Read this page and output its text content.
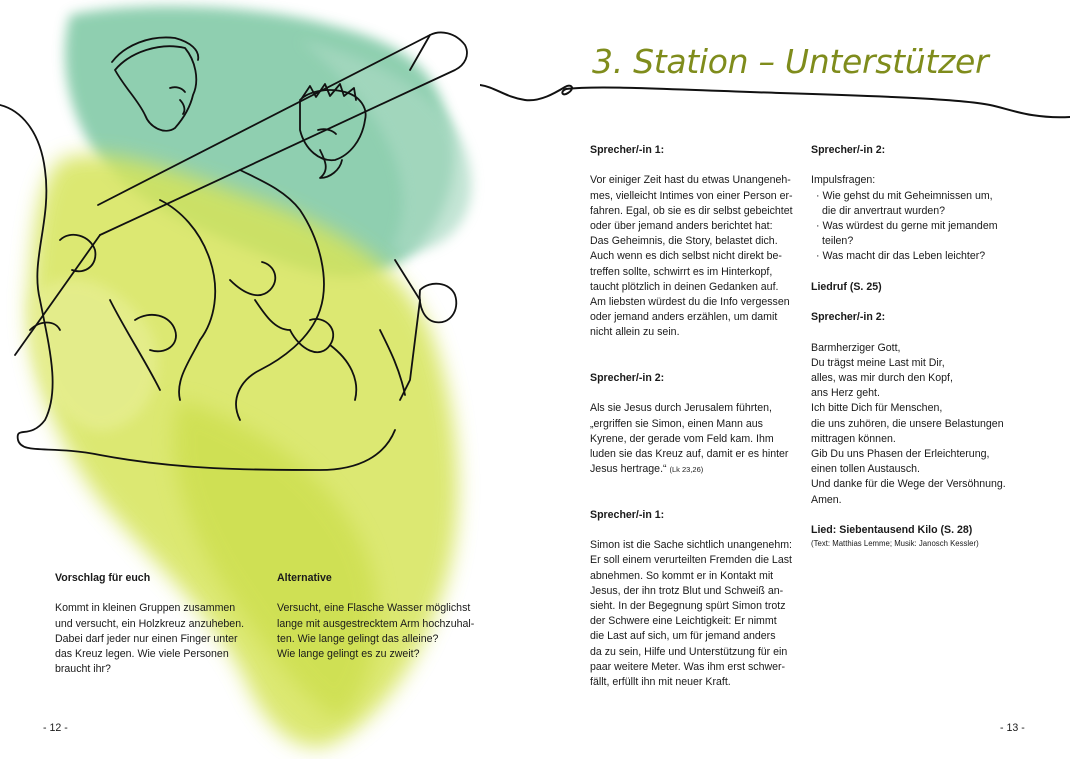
Vorschlag für euch
Kommt in kleinen Gruppen zusammen
und versucht, ein Holzkreuz anzuheben.
Dabei darf jeder nur einen Finger unter
das Kreuz legen. Wie viele Personen
braucht ihr?
Alternative
Versucht, eine Flasche Wasser möglichst
lange mit ausgestrecktem Arm hochzuhal-
ten. Wie lange gelingt das alleine?
Wie lange gelingt es zu zweit?
- 12 -
3. Station – Unterstützer
Sprecher/-in 1:
Vor einiger Zeit hast du etwas Unangeneh-
mes, vielleicht Intimes von einer Person er-
fahren. Egal, ob sie es dir selbst gebeichtet
oder über jemand anders berichtet hat:
Das Geheimnis, die Story, belastet dich.
Auch wenn es dich selbst nicht direkt be-
treffen sollte, schwirrt es im Hinterkopf,
taucht plötzlich in deinen Gedanken auf.
Am liebsten würdest du die Info vergessen
oder jemand anders erzählen, um damit
nicht allein zu sein.
Sprecher/-in 2:
Als sie Jesus durch Jerusalem führten,
„ergriffen sie Simon, einen Mann aus
Kyrene, der gerade vom Feld kam. Ihm
luden sie das Kreuz auf, damit er es hinter
Jesus hertrage.“ (Lk 23,26)
Sprecher/-in 1:
Simon ist die Sache sichtlich unangenehm:
Er soll einem verurteilten Fremden die Last
abnehmen. So kommt er in Kontakt mit
Jesus, der ihn trotz Blut und Schweiß an-
sieht. In der Begegnung spürt Simon trotz
der Schwere eine Leichtigkeit: Er nimmt
die Last auf sich, um für jemand anders
da zu sein, Hilfe und Unterstützung für ein
paar weitere Meter. Was ihm erst schwer-
fällt, erfüllt ihn mit neuer Kraft.
Sprecher/-in 2:
Impulsfragen:
· Wie gehst du mit Geheimnissen um,
die dir anvertraut wurden?
· Was würdest du gerne mit jemandem
teilen?
· Was macht dir das Leben leichter?
Liedruf (S. 25)
Sprecher/-in 2:
Barmherziger Gott,
Du trägst meine Last mit Dir,
alles, was mir durch den Kopf,
ans Herz geht.
Ich bitte Dich für Menschen,
die uns zuhören, die unsere Belastungen
mittragen können.
Gib Du uns Phasen der Erleichterung,
einen tollen Austausch.
Und danke für die Wege der Versöhnung.
Amen.
Lied: Siebentausend Kilo (S. 28)
(Text: Matthias Lemme; Musik: Janosch Kessler)
- 13 -
